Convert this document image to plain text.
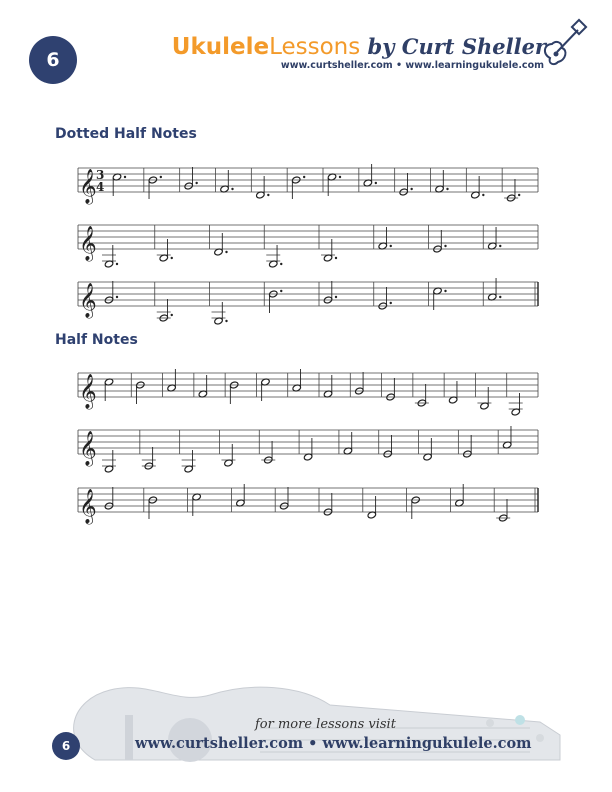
6	UkuleleLessons by Curt Sheller
www.curtsheller.com • www.learningukulele.com
Dotted Half Notes
Half Notes
𝄞 3
4
𝄞
𝄞
𝄞
𝄞
𝄞
for more lessons visit
www.curtsheller.com • www.learningukulele.com
6
